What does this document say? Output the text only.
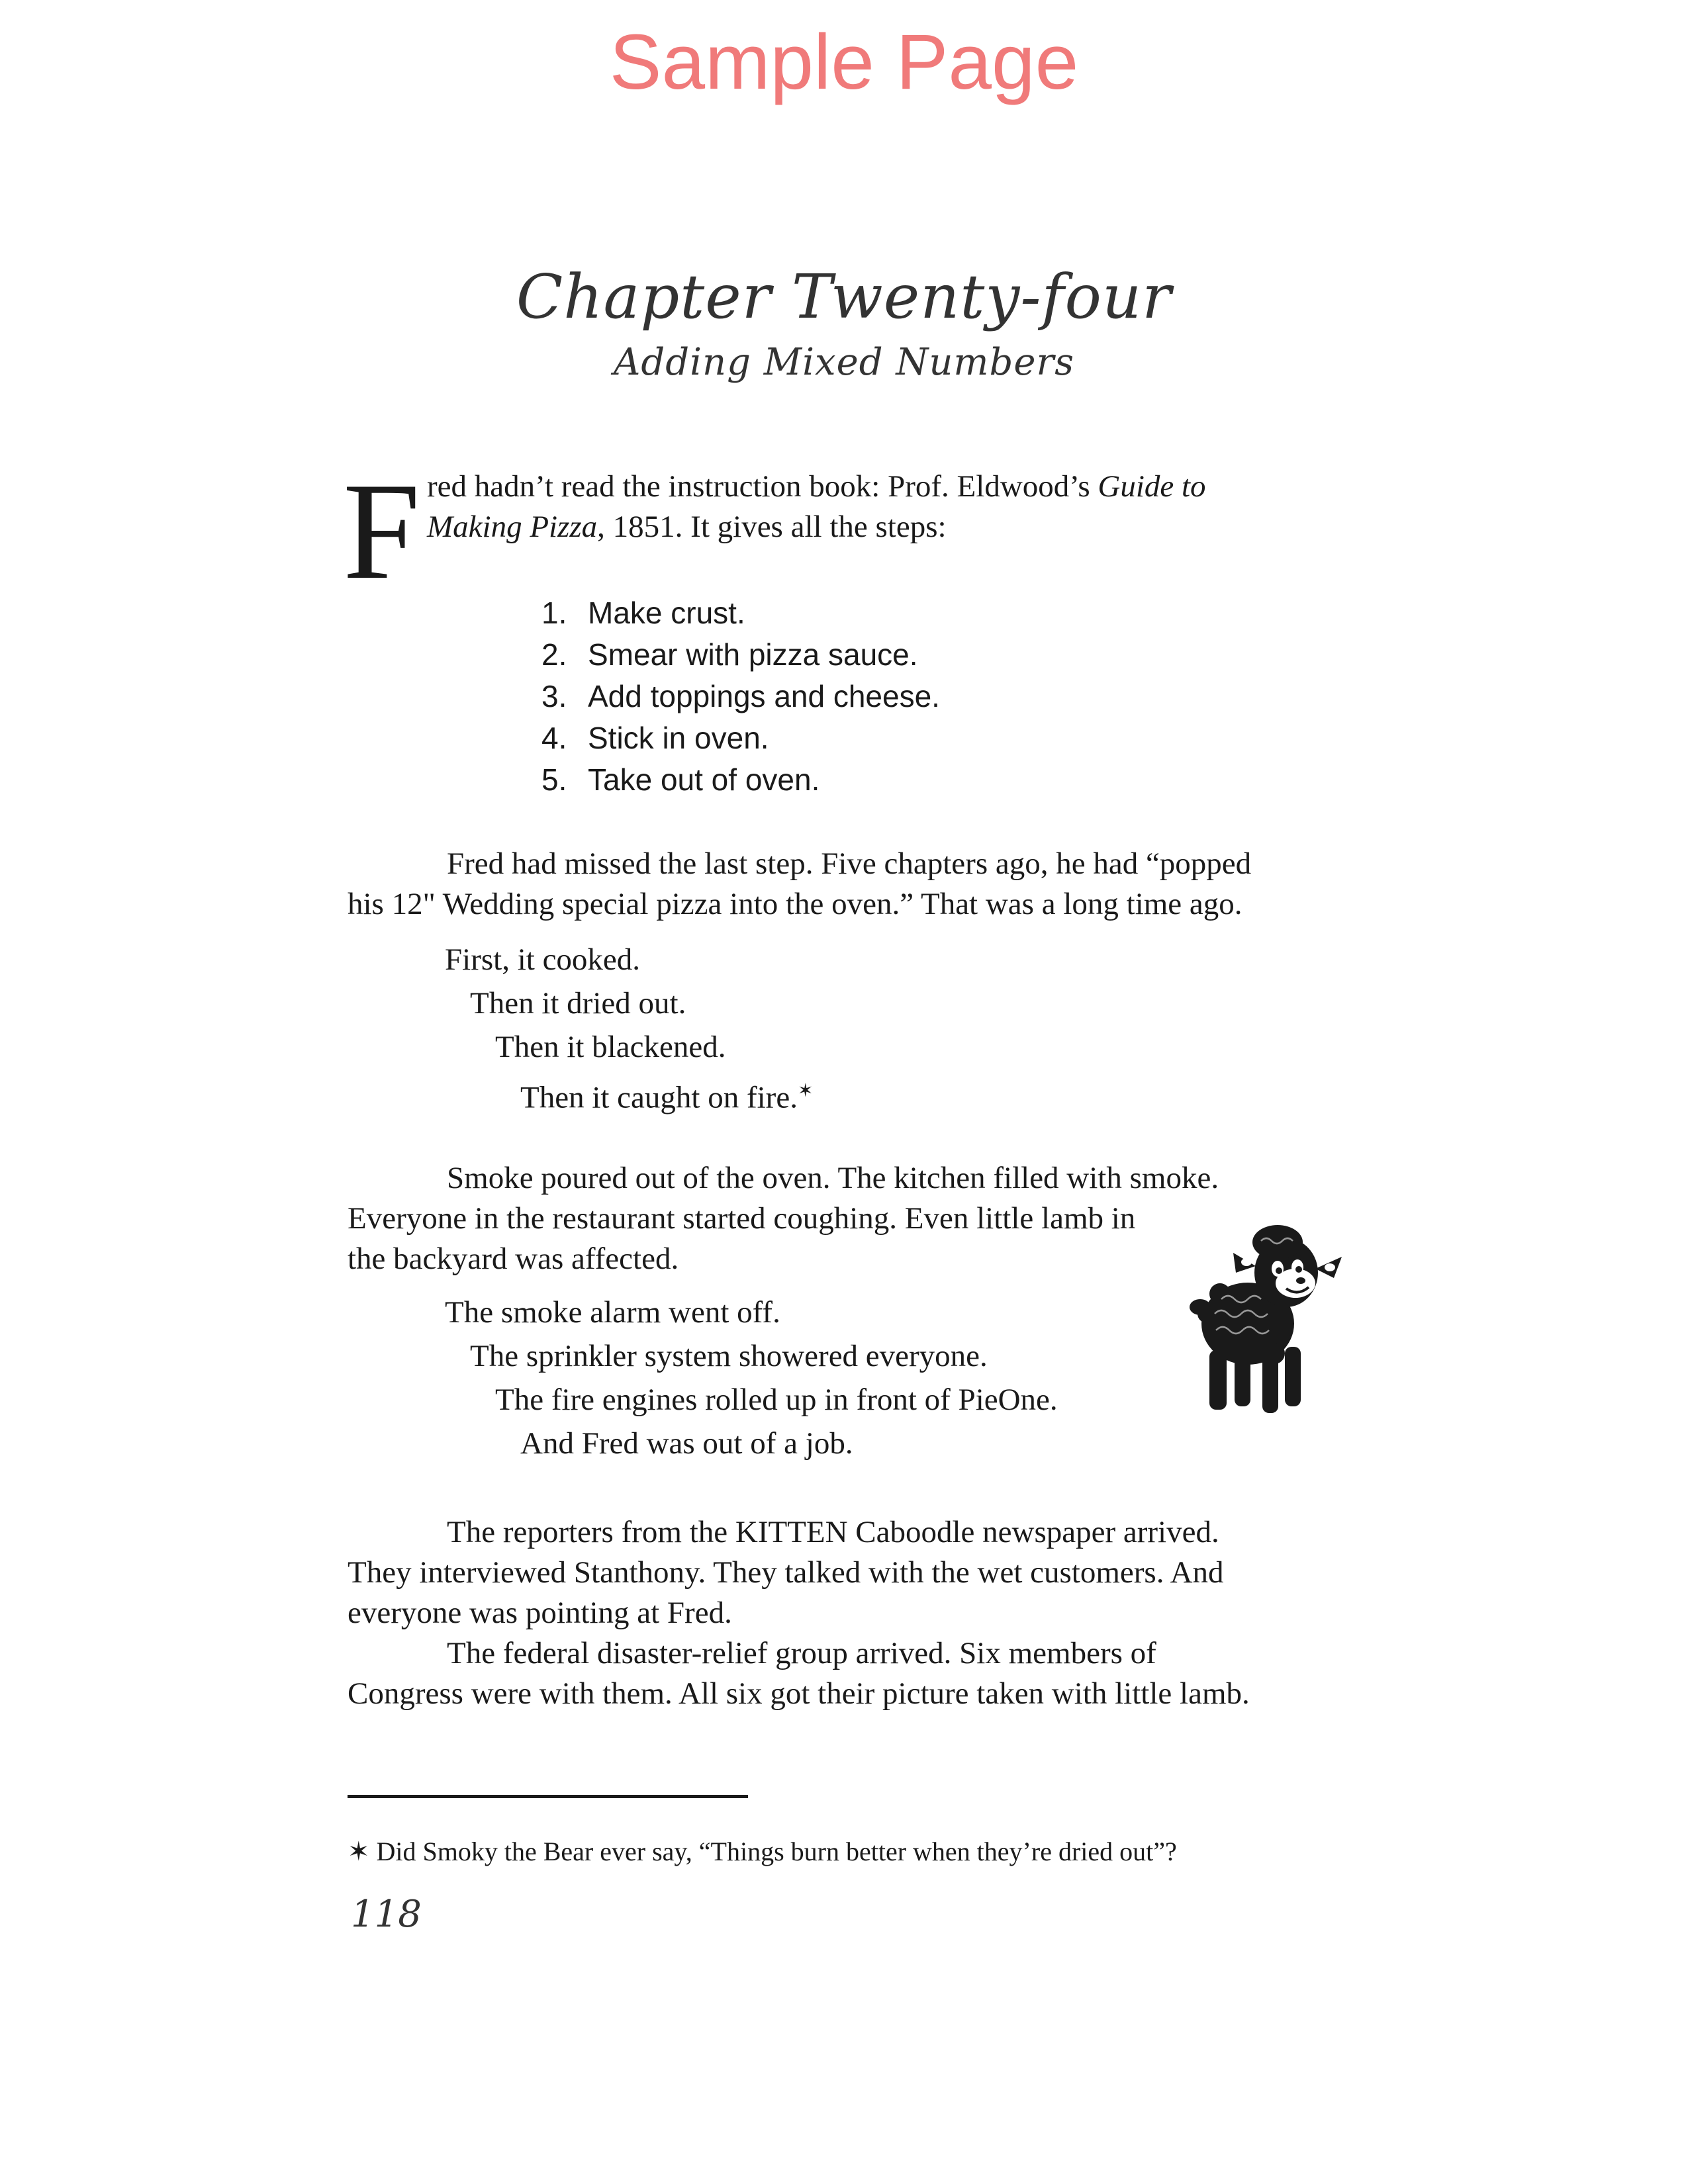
Sample Page
Chapter Twenty-four
Adding Mixed Numbers
F red hadn’t read the instruction book: Prof. Eldwood’s Guide to
Making Pizza, 1851. It gives all the steps:
1. Make crust.
2. Smear with pizza sauce.
3. Add toppings and cheese.
4. Stick in oven.
5. Take out of oven.
Fred had missed the last step. Five chapters ago, he had “popped
his 12" Wedding special pizza into the oven.” That was a long time ago.
First, it cooked.
Then it dried out.
Then it blackened.
Then it caught on fire.✶
Smoke poured out of the oven. The kitchen filled with smoke.
Everyone in the restaurant started coughing. Even little lamb in
the backyard was affected.
The smoke alarm went off.
The sprinkler system showered everyone.
The fire engines rolled up in front of PieOne.
And Fred was out of a job.
The reporters from the KITTEN Caboodle newspaper arrived.
They interviewed Stanthony. They talked with the wet customers. And
everyone was pointing at Fred.
The federal disaster-relief group arrived. Six members of
Congress were with them. All six got their picture taken with little lamb.
✶ Did Smoky the Bear ever say, “Things burn better when they’re dried out”?
118
